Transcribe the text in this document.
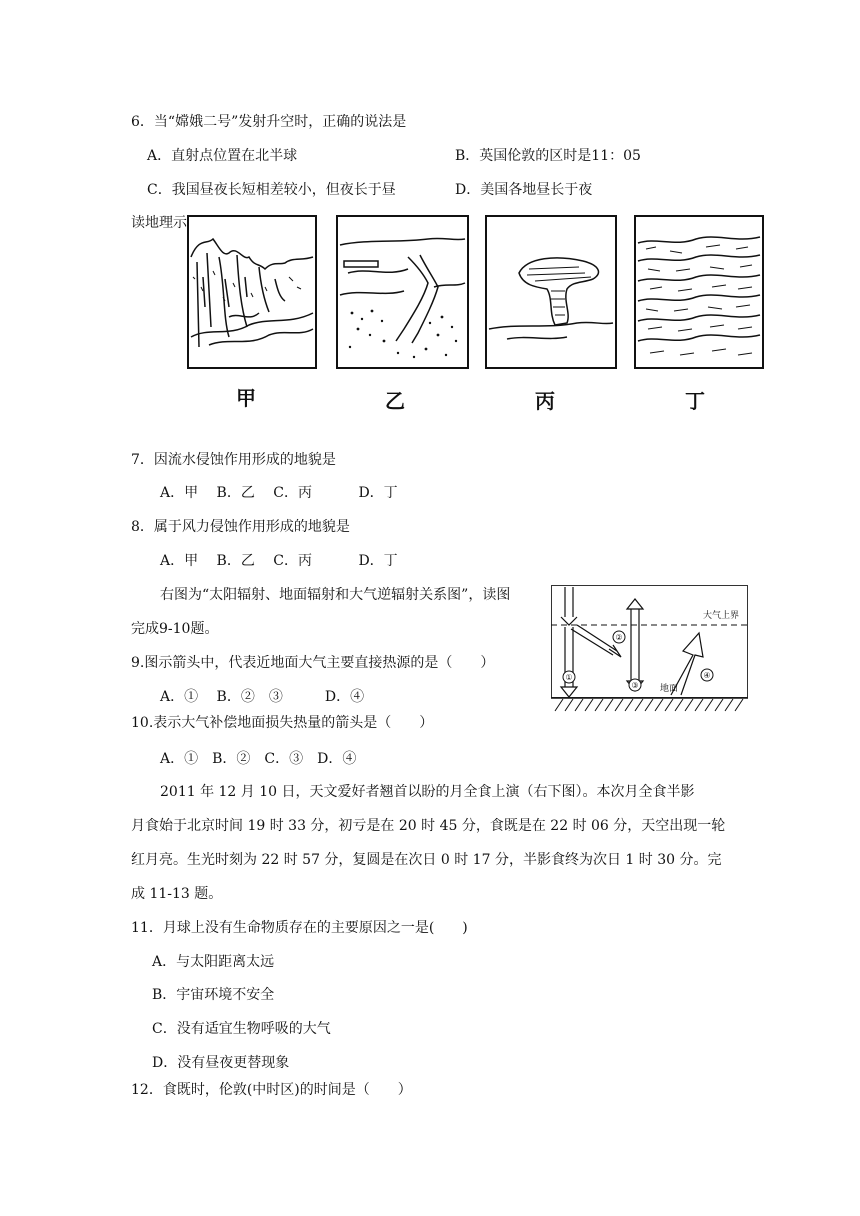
6．当“嫦娥二号”发射升空时，正确的说法是
A．直射点位置在北半球	B．英国伦敦的区时是11：05
C．我国昼夜长短相差较小，但夜长于昼	D．美国各地昼长于夜
读地理示
甲	乙	丙	丁
7．因流水侵蚀作用形成的地貌是
A．甲　 B．乙　 C．丙　　　 D．丁
8．属于风力侵蚀作用形成的地貌是
A．甲　 B．乙　 C．丙　　　 D．丁
右图为“太阳辐射、地面辐射和大气逆辐射关系图”，读图
完成9-10题。
大气上界
①
②
③
④
地面
9.图示箭头中，代表近地面大气主要直接热源的是（　　）
A．①　 B．②　③　　　D．④
10.表示大气补偿地面损失热量的箭头是（　　）
A．①　B．②　C．③　D．④
2011 年 12 月 10 日，天文爱好者翘首以盼的月全食上演（右下图）。本次月全食半影
月食始于北京时间 19 时 33 分，初亏是在 20 时 45 分，食既是在 22 时 06 分，天空出现一轮
红月亮。生光时刻为 22 时 57 分，复圆是在次日 0 时 17 分，半影食终为次日 1 时 30 分。完
成 11-13 题。
11．月球上没有生命物质存在的主要原因之一是(　　)
A．与太阳距离太远
B．宇宙环境不安全
C．没有适宜生物呼吸的大气
D．没有昼夜更替现象
12．食既时，伦敦(中时区)的时间是（　　）
